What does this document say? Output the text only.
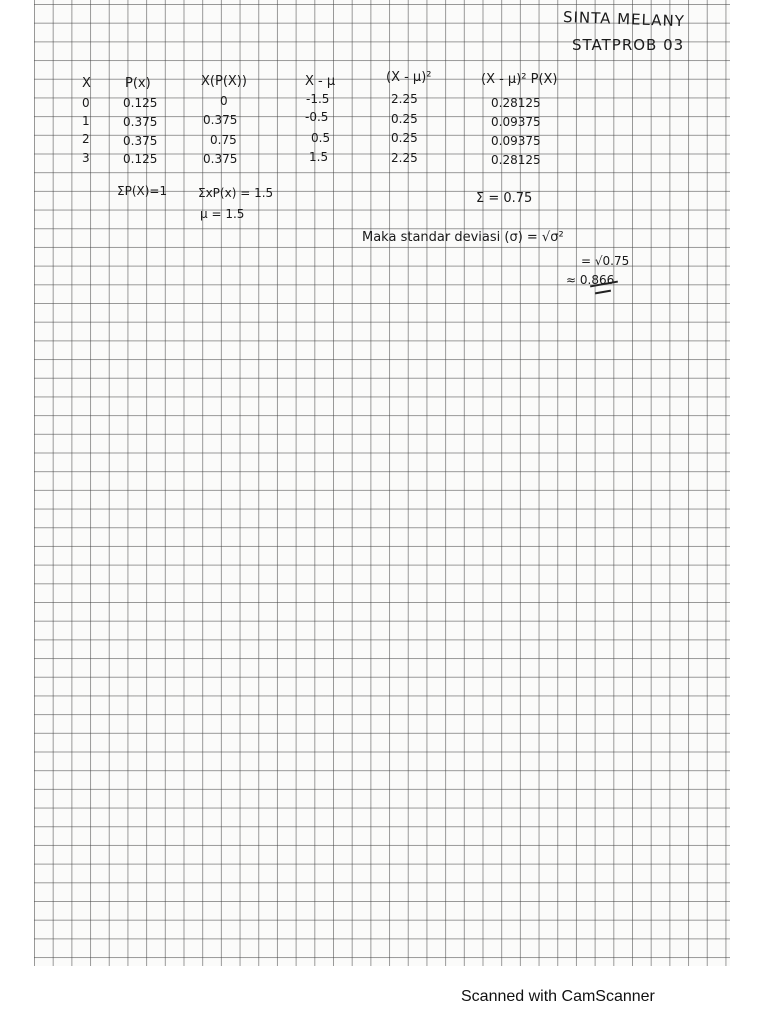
SINTA MELANY
STATPROB 03
X	P(x)	X(P(X))	X - μ	(X - μ)²	(X - μ)² P(X)
0	0.125	0	-1.5	2.25	0.28125
1	0.375	0.375	-0.5	0.25	0.09375
2	0.375	0.75	0.5	0.25	0.09375
3	0.125	0.375	1.5	2.25	0.28125
ΣP(X)=1	ΣxP(x) = 1.5
μ = 1.5
Σ = 0.75
Maka standar deviasi (σ) = √σ²
= √0.75
≈ 0.866
Scanned with CamScanner
